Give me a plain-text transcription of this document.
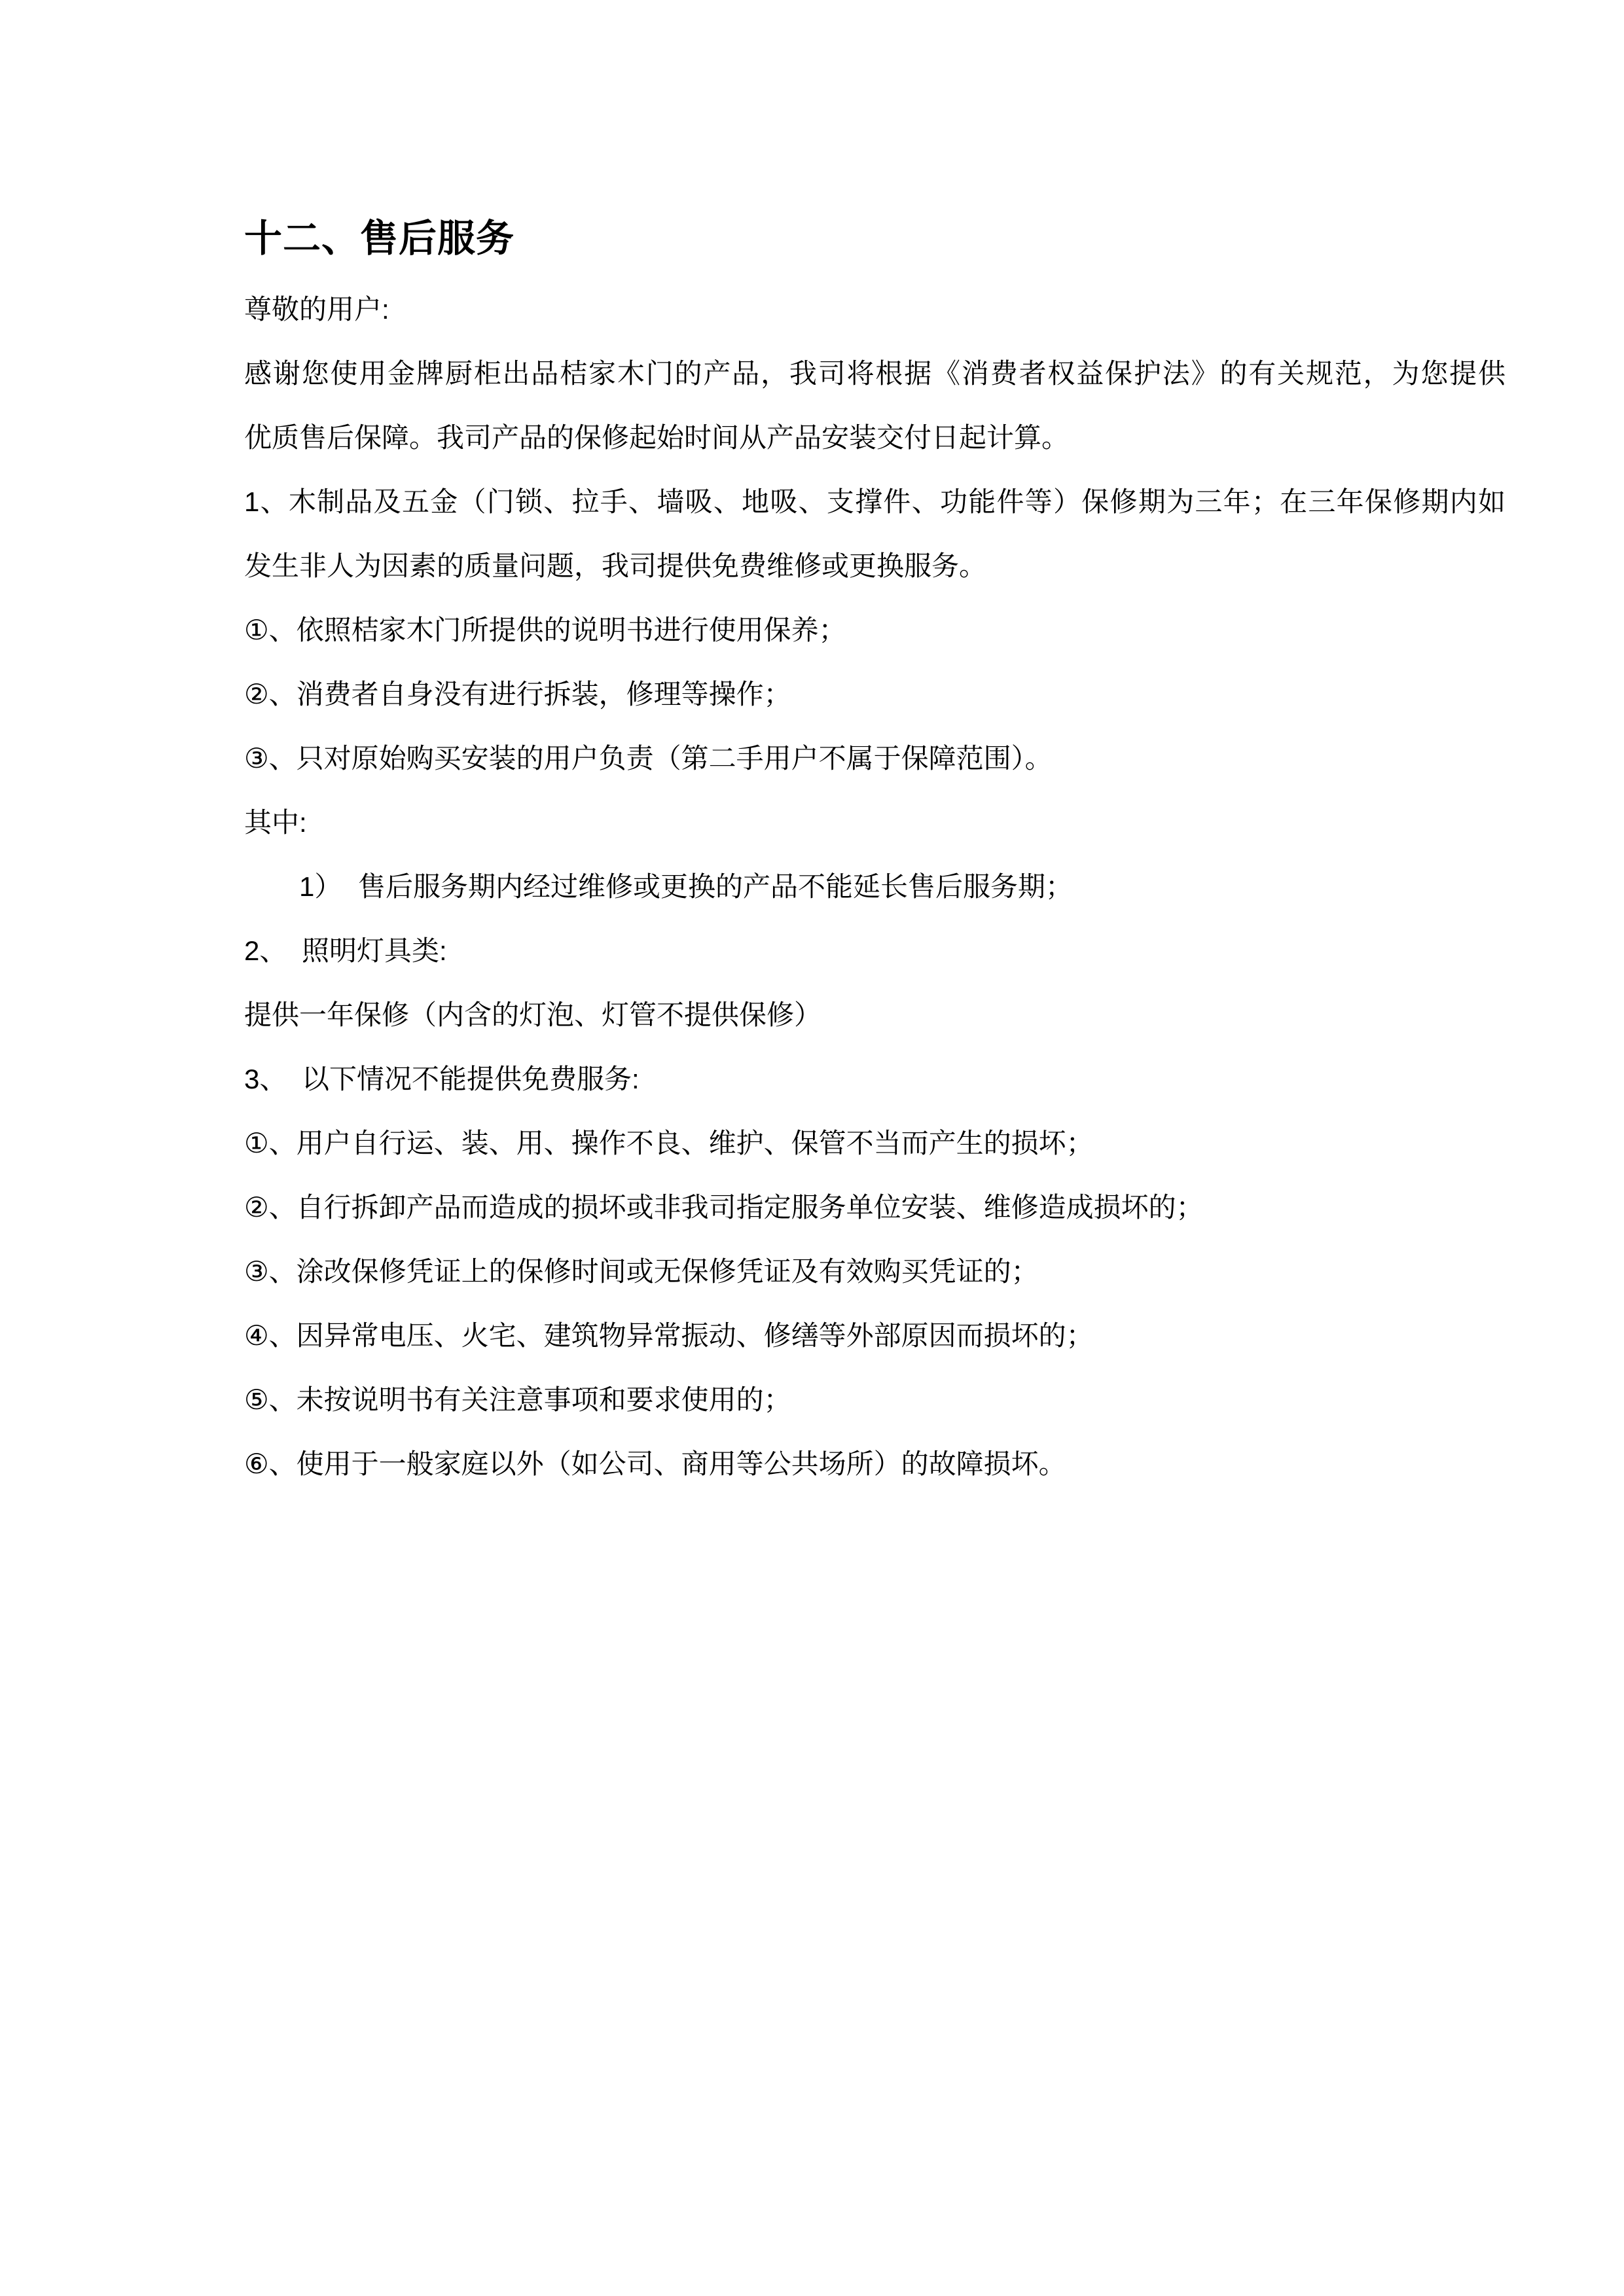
十二、售后服务
尊敬的用户:
感谢您使用金牌厨柜出品桔家木门的产品，我司将根据《消费者权益保护法》的有关规范，为您提供
优质售后保障。我司产品的保修起始时间从产品安装交付日起计算。
1、木制品及五金（门锁、拉手、墙吸、地吸、支撑件、功能件等）保修期为三年；在三年保修期内如
发生非人为因素的质量问题，我司提供免费维修或更换服务。
①、依照桔家木门所提供的说明书进行使用保养；
②、消费者自身没有进行拆装，修理等操作；
③、只对原始购买安装的用户负责（第二手用户不属于保障范围）。
其中:
1） 售后服务期内经过维修或更换的产品不能延长售后服务期；
2、 照明灯具类:
提供一年保修（内含的灯泡、灯管不提供保修）
3、 以下情况不能提供免费服务:
①、用户自行运、装、用、操作不良、维护、保管不当而产生的损坏；
②、自行拆卸产品而造成的损坏或非我司指定服务单位安装、维修造成损坏的；
③、涂改保修凭证上的保修时间或无保修凭证及有效购买凭证的；
④、因异常电压、火宅、建筑物异常振动、修缮等外部原因而损坏的；
⑤、未按说明书有关注意事项和要求使用的；
⑥、使用于一般家庭以外（如公司、商用等公共场所）的故障损坏。
